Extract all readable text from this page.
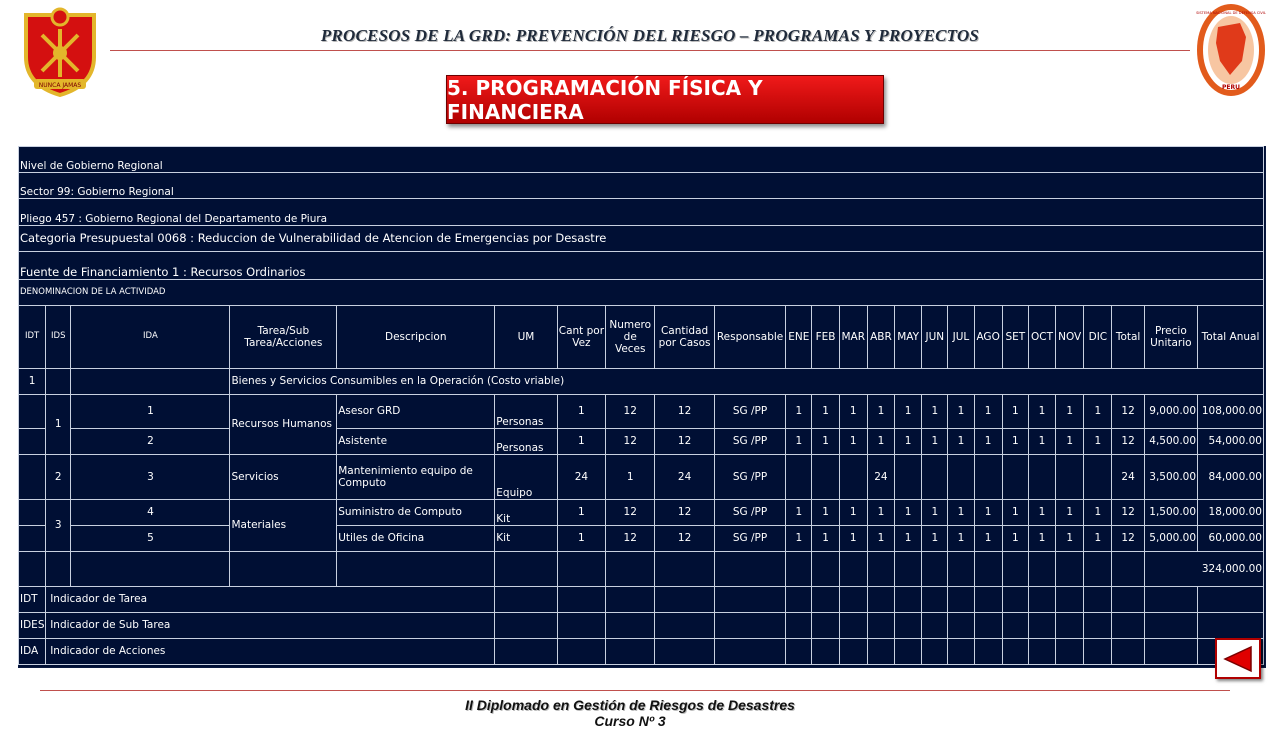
NUNCA JAMAS
PROCESOS DE LA GRD: PREVENCIÓN DEL RIESGO – PROGRAMAS Y PROYECTOS
PERU
SISTEMA NACIONAL DE DEFENSA CIVIL
5. PROGRAMACIÓN FÍSICA Y FINANCIERA
Nivel de Gobierno Regional																								
Sector 99: Gobierno Regional																								
Pliego 457 : Gobierno Regional del Departamento de Piura																								
Categoria Presupuestal 0068 : Reduccion de Vulnerabilidad de Atencion de Emergencias por Desastre																								
Fuente de Financiamiento 1 : Recursos Ordinarios																								
DENOMINACION DE LA ACTIVIDAD																								
IDT	IDS	IDA	Tarea/Sub Tarea/Acciones	Descripcion	UM	Cant por Vez	Numero de Veces	Cantidad por Casos	Responsable	ENE	FEB	MAR	ABR	MAY	JUN	JUL	AGO	SET	OCT	NOV	DIC	Total	Precio Unitario	Total Anual
1			Bienes y Servicios Consumibles en la Operación (Costo vriable)																					
	1	1	Recursos Humanos	Asesor GRD	Personas	1	12	12	SG /PP	1	1	1	1	1	1	1	1	1	1	1	1	12	9,000.00	108,000.00
		2		Asistente	Personas	1	12	12	SG /PP	1	1	1	1	1	1	1	1	1	1	1	1	12	4,500.00	54,000.00
	2	3	Servicios	Mantenimiento equipo de Computo	Equipo	24	1	24	SG /PP				24									24	3,500.00	84,000.00
	3	4	Materiales	Suministro de Computo	Kit	1	12	12	SG /PP	1	1	1	1	1	1	1	1	1	1	1	1	12	1,500.00	18,000.00
		5		Utiles de Oficina	Kit	1	12	12	SG /PP	1	1	1	1	1	1	1	1	1	1	1	1	12	5,000.00	60,000.00
																							324,000.00	
IDT	Indicador de Tarea																							
IDES	Indicador de Sub Tarea																							
IDA	Indicador de Acciones																							
II Diplomado en Gestión de Riesgos de Desastres
Curso Nº 3
